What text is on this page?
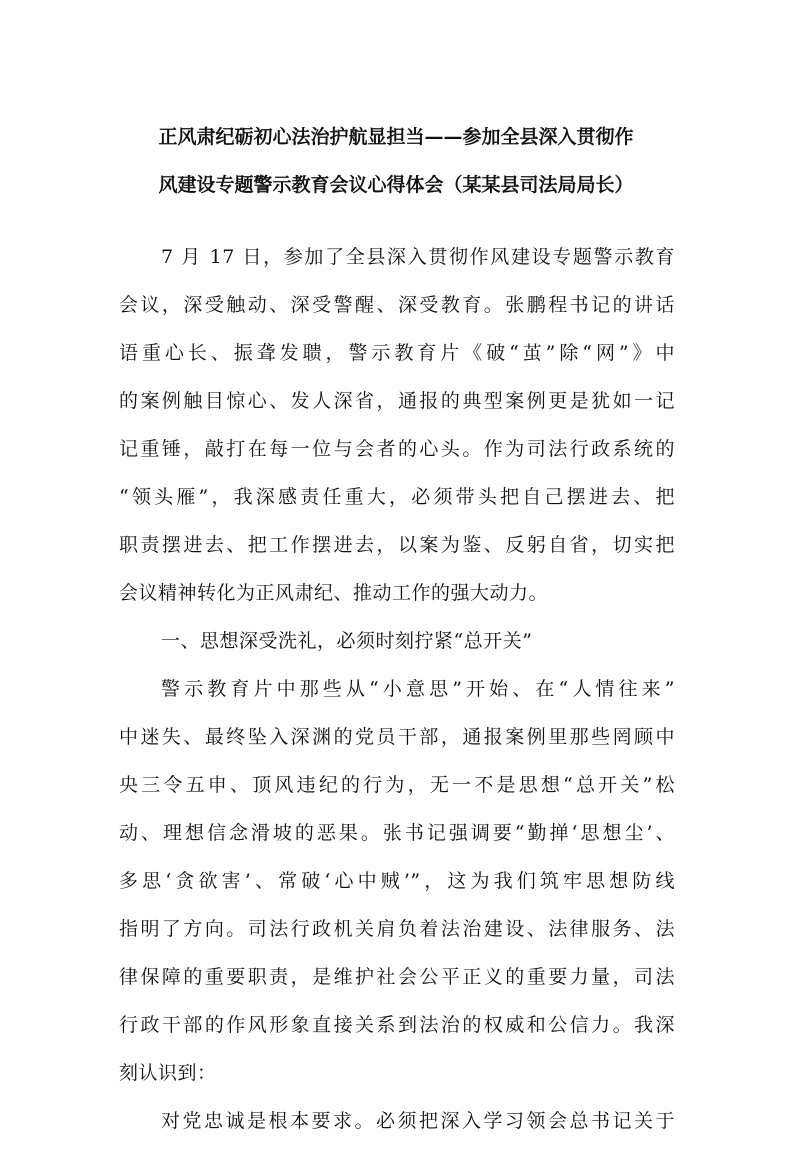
正风肃纪砺初心法治护航显担当——参加全县深入贯彻作
风建设专题警示教育会议心得体会（某某县司法局局长）
7 月 17 日，参加了全县深入贯彻作风建设专题警示教育
会议，深受触动、深受警醒、深受教育。张鹏程书记的讲话
语重心长、振聋发聩，警示教育片《破“茧”除“网”》中
的案例触目惊心、发人深省，通报的典型案例更是犹如一记
记重锤，敲打在每一位与会者的心头。作为司法行政系统的
“领头雁”，我深感责任重大，必须带头把自己摆进去、把
职责摆进去、把工作摆进去，以案为鉴、反躬自省，切实把
会议精神转化为正风肃纪、推动工作的强大动力。
一、思想深受洗礼，必须时刻拧紧“总开关”
警示教育片中那些从“小意思”开始、在“人情往来”
中迷失、最终坠入深渊的党员干部，通报案例里那些罔顾中
央三令五申、顶风违纪的行为，无一不是思想“总开关”松
动、理想信念滑坡的恶果。张书记强调要“勤掸‘思想尘’、
多思‘贪欲害’、常破‘心中贼’”，这为我们筑牢思想防线
指明了方向。司法行政机关肩负着法治建设、法律服务、法
律保障的重要职责，是维护社会公平正义的重要力量，司法
行政干部的作风形象直接关系到法治的权威和公信力。我深
刻认识到：
对党忠诚是根本要求。必须把深入学习领会总书记关于
